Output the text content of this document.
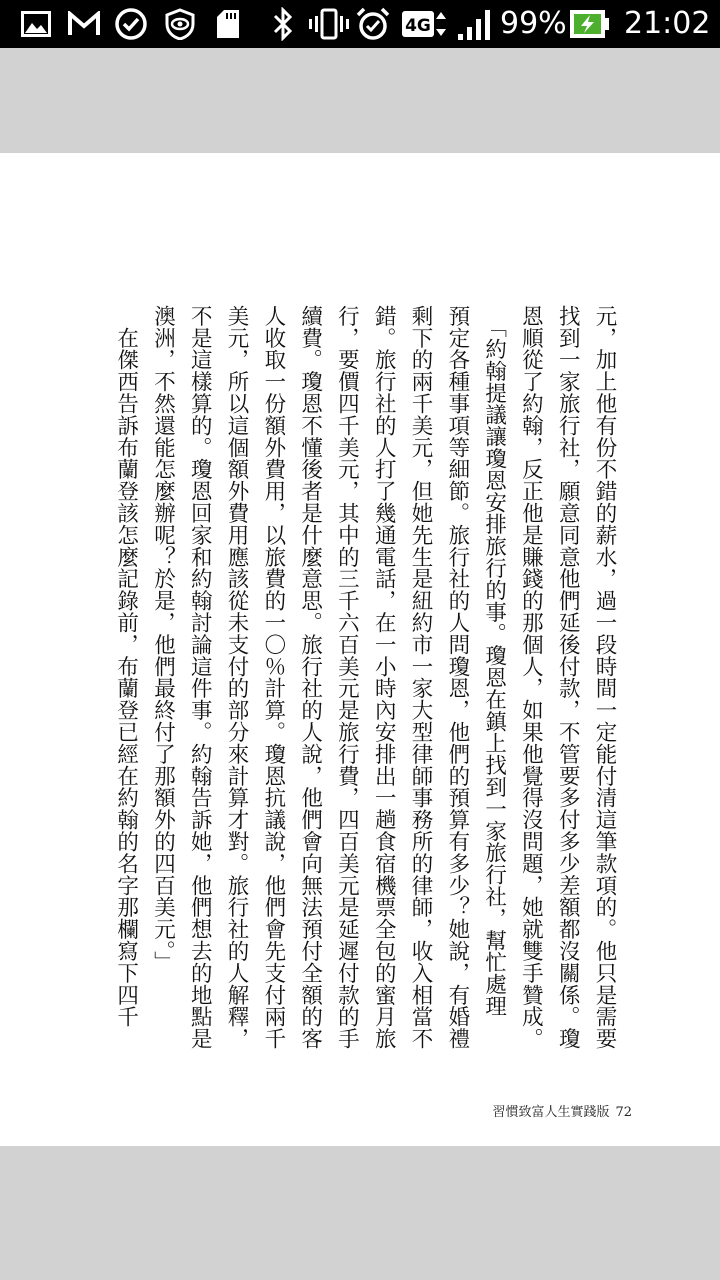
4G 99% 21:02
元，加上他有份不錯的薪水，過一段時間一定能付清這筆款項的。他只是需要
找到一家旅行社，願意同意他們延後付款，不管要多付多少差額都沒關係。瓊
恩順從了約翰，反正他是賺錢的那個人，如果他覺得沒問題，她就雙手贊成。
　「約翰提議讓瓊恩安排旅行的事。瓊恩在鎮上找到一家旅行社，幫忙處理
預定各種事項等細節。旅行社的人問瓊恩，他們的預算有多少？她說，有婚禮
剩下的兩千美元，但她先生是紐約市一家大型律師事務所的律師，收入相當不
錯。旅行社的人打了幾通電話，在一小時內安排出一趟食宿機票全包的蜜月旅
行，要價四千美元，其中的三千六百美元是旅行費，四百美元是延遲付款的手
續費。瓊恩不懂後者是什麼意思。旅行社的人說，他們會向無法預付全額的客
人收取一份額外費用，以旅費的一〇％計算。瓊恩抗議說，他們會先支付兩千
美元，所以這個額外費用應該從未支付的部分來計算才對。旅行社的人解釋，
不是這樣算的。瓊恩回家和約翰討論這件事。約翰告訴她，他們想去的地點是
澳洲，不然還能怎麼辦呢？於是，他們最終付了那額外的四百美元。」
　在傑西告訴布蘭登該怎麼記錄前，布蘭登已經在約翰的名字那欄寫下四千
習慣致富人生實踐版 72
